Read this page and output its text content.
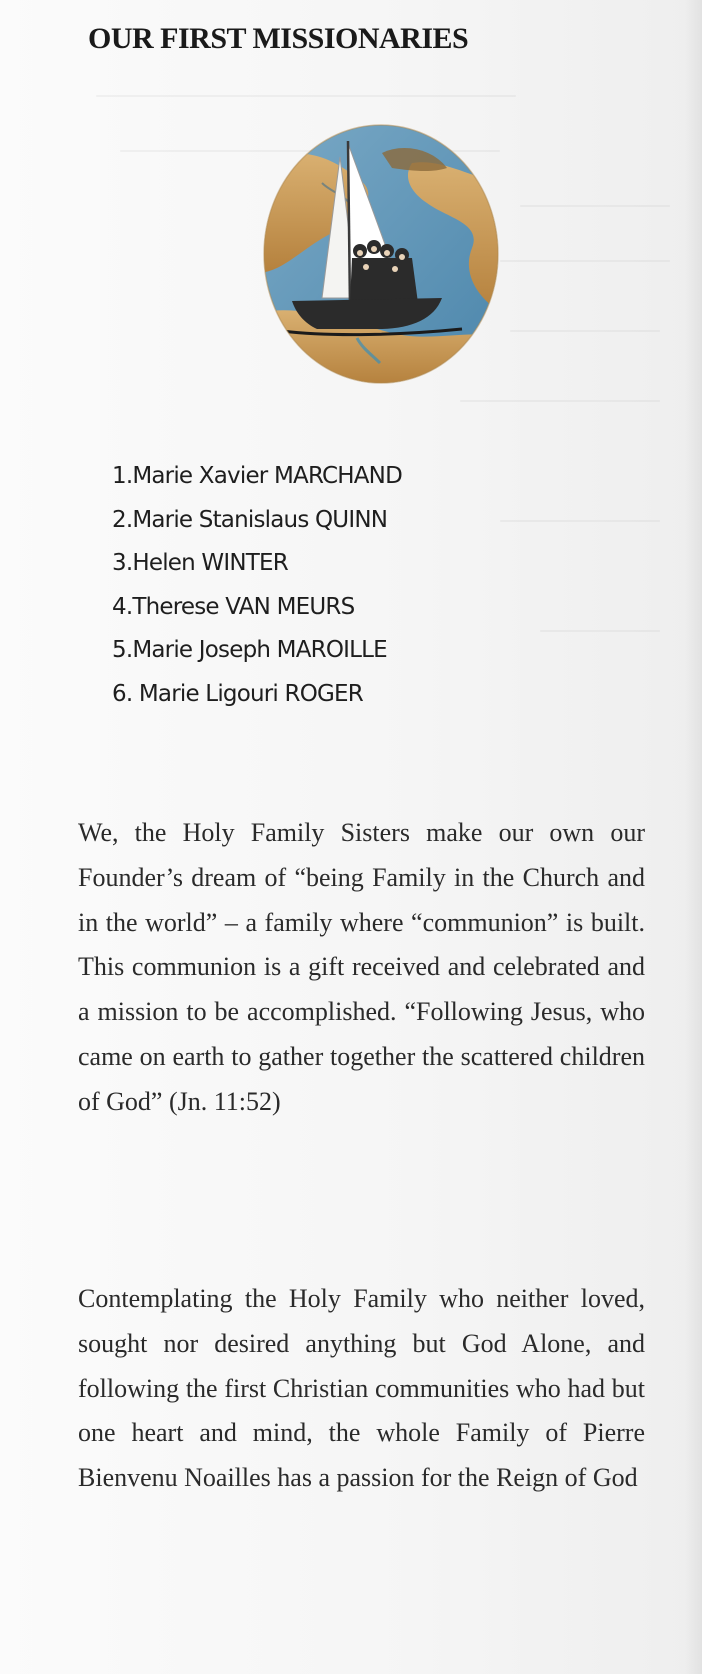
OUR FIRST MISSIONARIES
1.Marie Xavier MARCHAND
2.Marie Stanislaus QUINN
3.Helen WINTER
4.Therese VAN MEURS
5.Marie Joseph MAROILLE
6. Marie Ligouri ROGER

We, the Holy Family Sisters make our own our Founder’s dream of “being Family in the Church and in the world” – a family where “communion” is built. This communion is a gift received and celebrated and a mission to be accomplished. “Following Jesus, who came on earth to gather together the scattered children of God” (Jn. 11:52)

Contemplating the Holy Family who neither loved, sought nor desired anything but God Alone, and following the first Christian communities who had but one heart and mind, the whole Family of Pierre Bienvenu Noailles has a passion for the Reign of God
